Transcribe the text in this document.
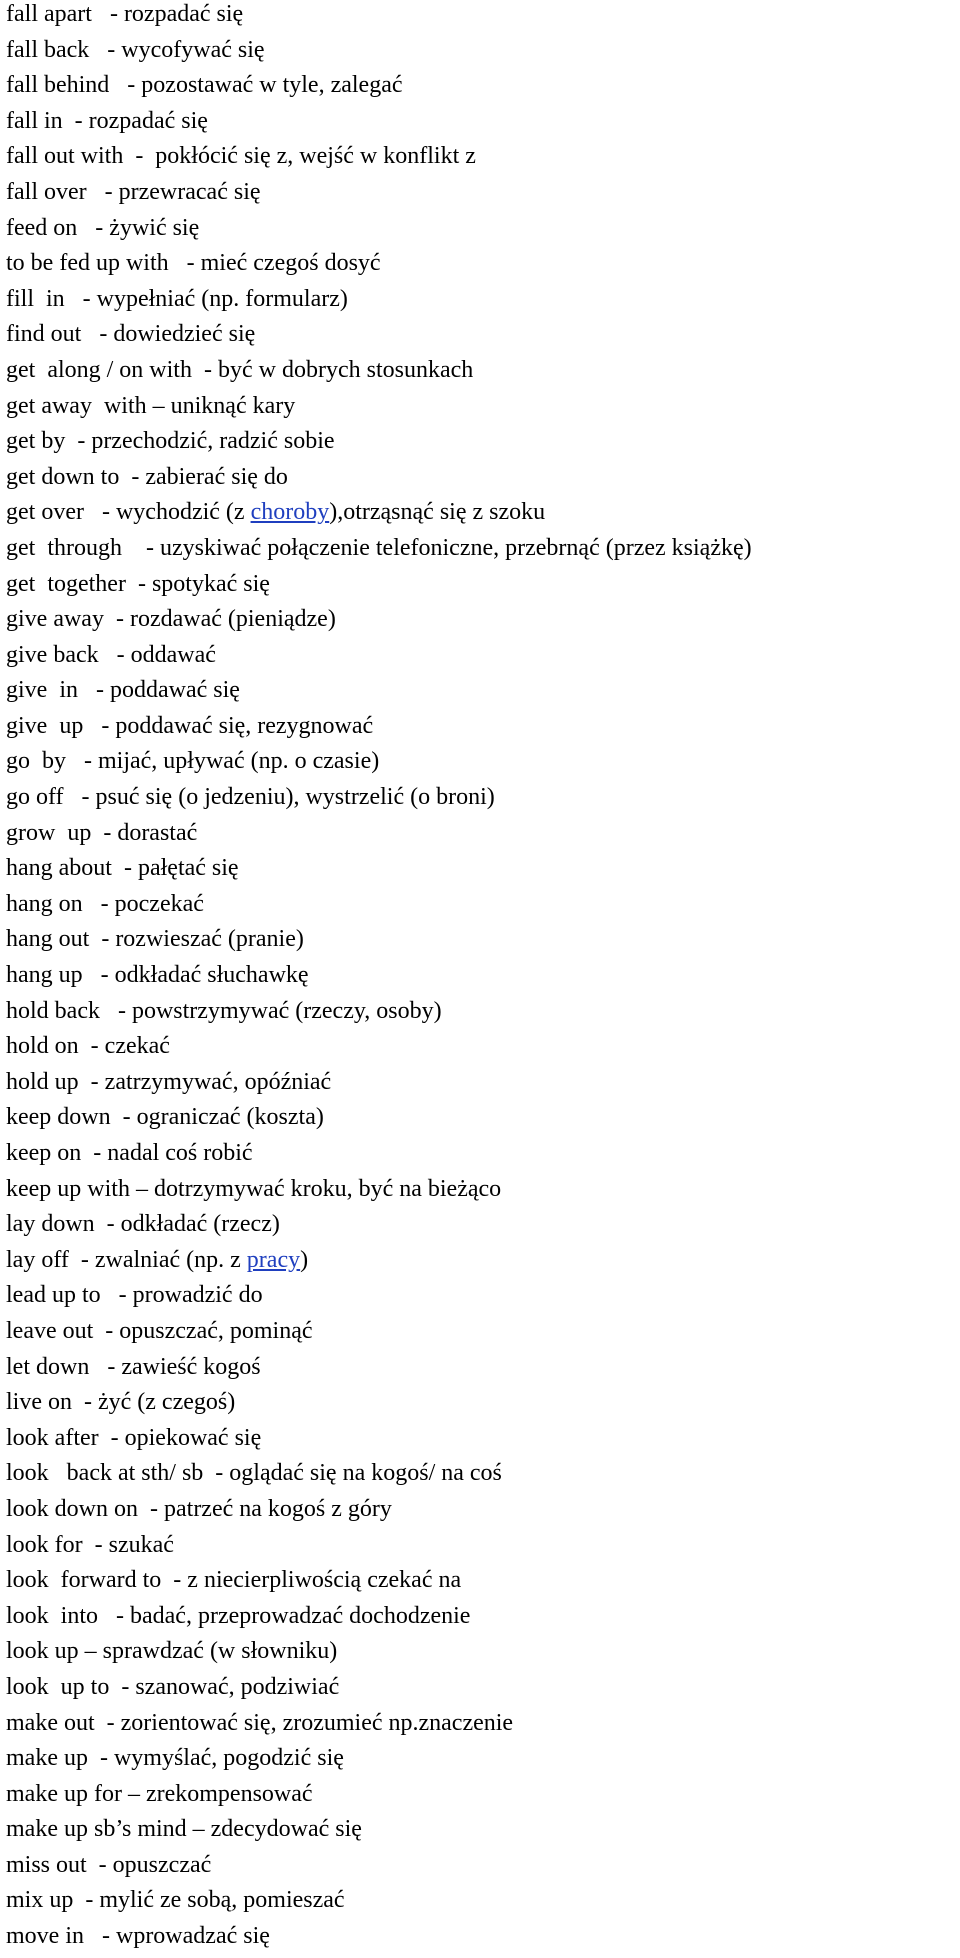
fall apart   - rozpadać się
fall back   - wycofywać się
fall behind   - pozostawać w tyle, zalegać
fall in  - rozpadać się
fall out with  -  pokłócić się z, wejść w konflikt z
fall over   - przewracać się
feed on   - żywić się
to be fed up with   - mieć czegoś dosyć
fill  in   - wypełniać (np. formularz)
find out   - dowiedzieć się
get  along / on with  - być w dobrych stosunkach
get away  with – uniknąć kary
get by  - przechodzić, radzić sobie
get down to  - zabierać się do
get over   - wychodzić (z choroby),otrząsnąć się z szoku
get  through    - uzyskiwać połączenie telefoniczne, przebrnąć (przez książkę)
get  together  - spotykać się
give away  - rozdawać (pieniądze)
give back   - oddawać
give  in   - poddawać się
give  up   - poddawać się, rezygnować
go  by   - mijać, upływać (np. o czasie)
go off   - psuć się (o jedzeniu), wystrzelić (o broni)
grow  up  - dorastać
hang about  - pałętać się
hang on   - poczekać
hang out  - rozwieszać (pranie)
hang up   - odkładać słuchawkę
hold back   - powstrzymywać (rzeczy, osoby)
hold on  - czekać
hold up  - zatrzymywać, opóźniać
keep down  - ograniczać (koszta)
keep on  - nadal coś robić
keep up with – dotrzymywać kroku, być na bieżąco
lay down  - odkładać (rzecz)
lay off  - zwalniać (np. z pracy)
lead up to   - prowadzić do
leave out  - opuszczać, pominąć
let down   - zawieść kogoś
live on  - żyć (z czegoś)
look after  - opiekować się
look   back at sth/ sb  - oglądać się na kogoś/ na coś
look down on  - patrzeć na kogoś z góry
look for  - szukać
look  forward to  - z niecierpliwością czekać na
look  into   - badać, przeprowadzać dochodzenie
look up – sprawdzać (w słowniku)
look  up to  - szanować, podziwiać
make out  - zorientować się, zrozumieć np.znaczenie
make up  - wymyślać, pogodzić się
make up for – zrekompensować
make up sb’s mind – zdecydować się
miss out  - opuszczać
mix up  - mylić ze sobą, pomieszać
move in   - wprowadzać się
